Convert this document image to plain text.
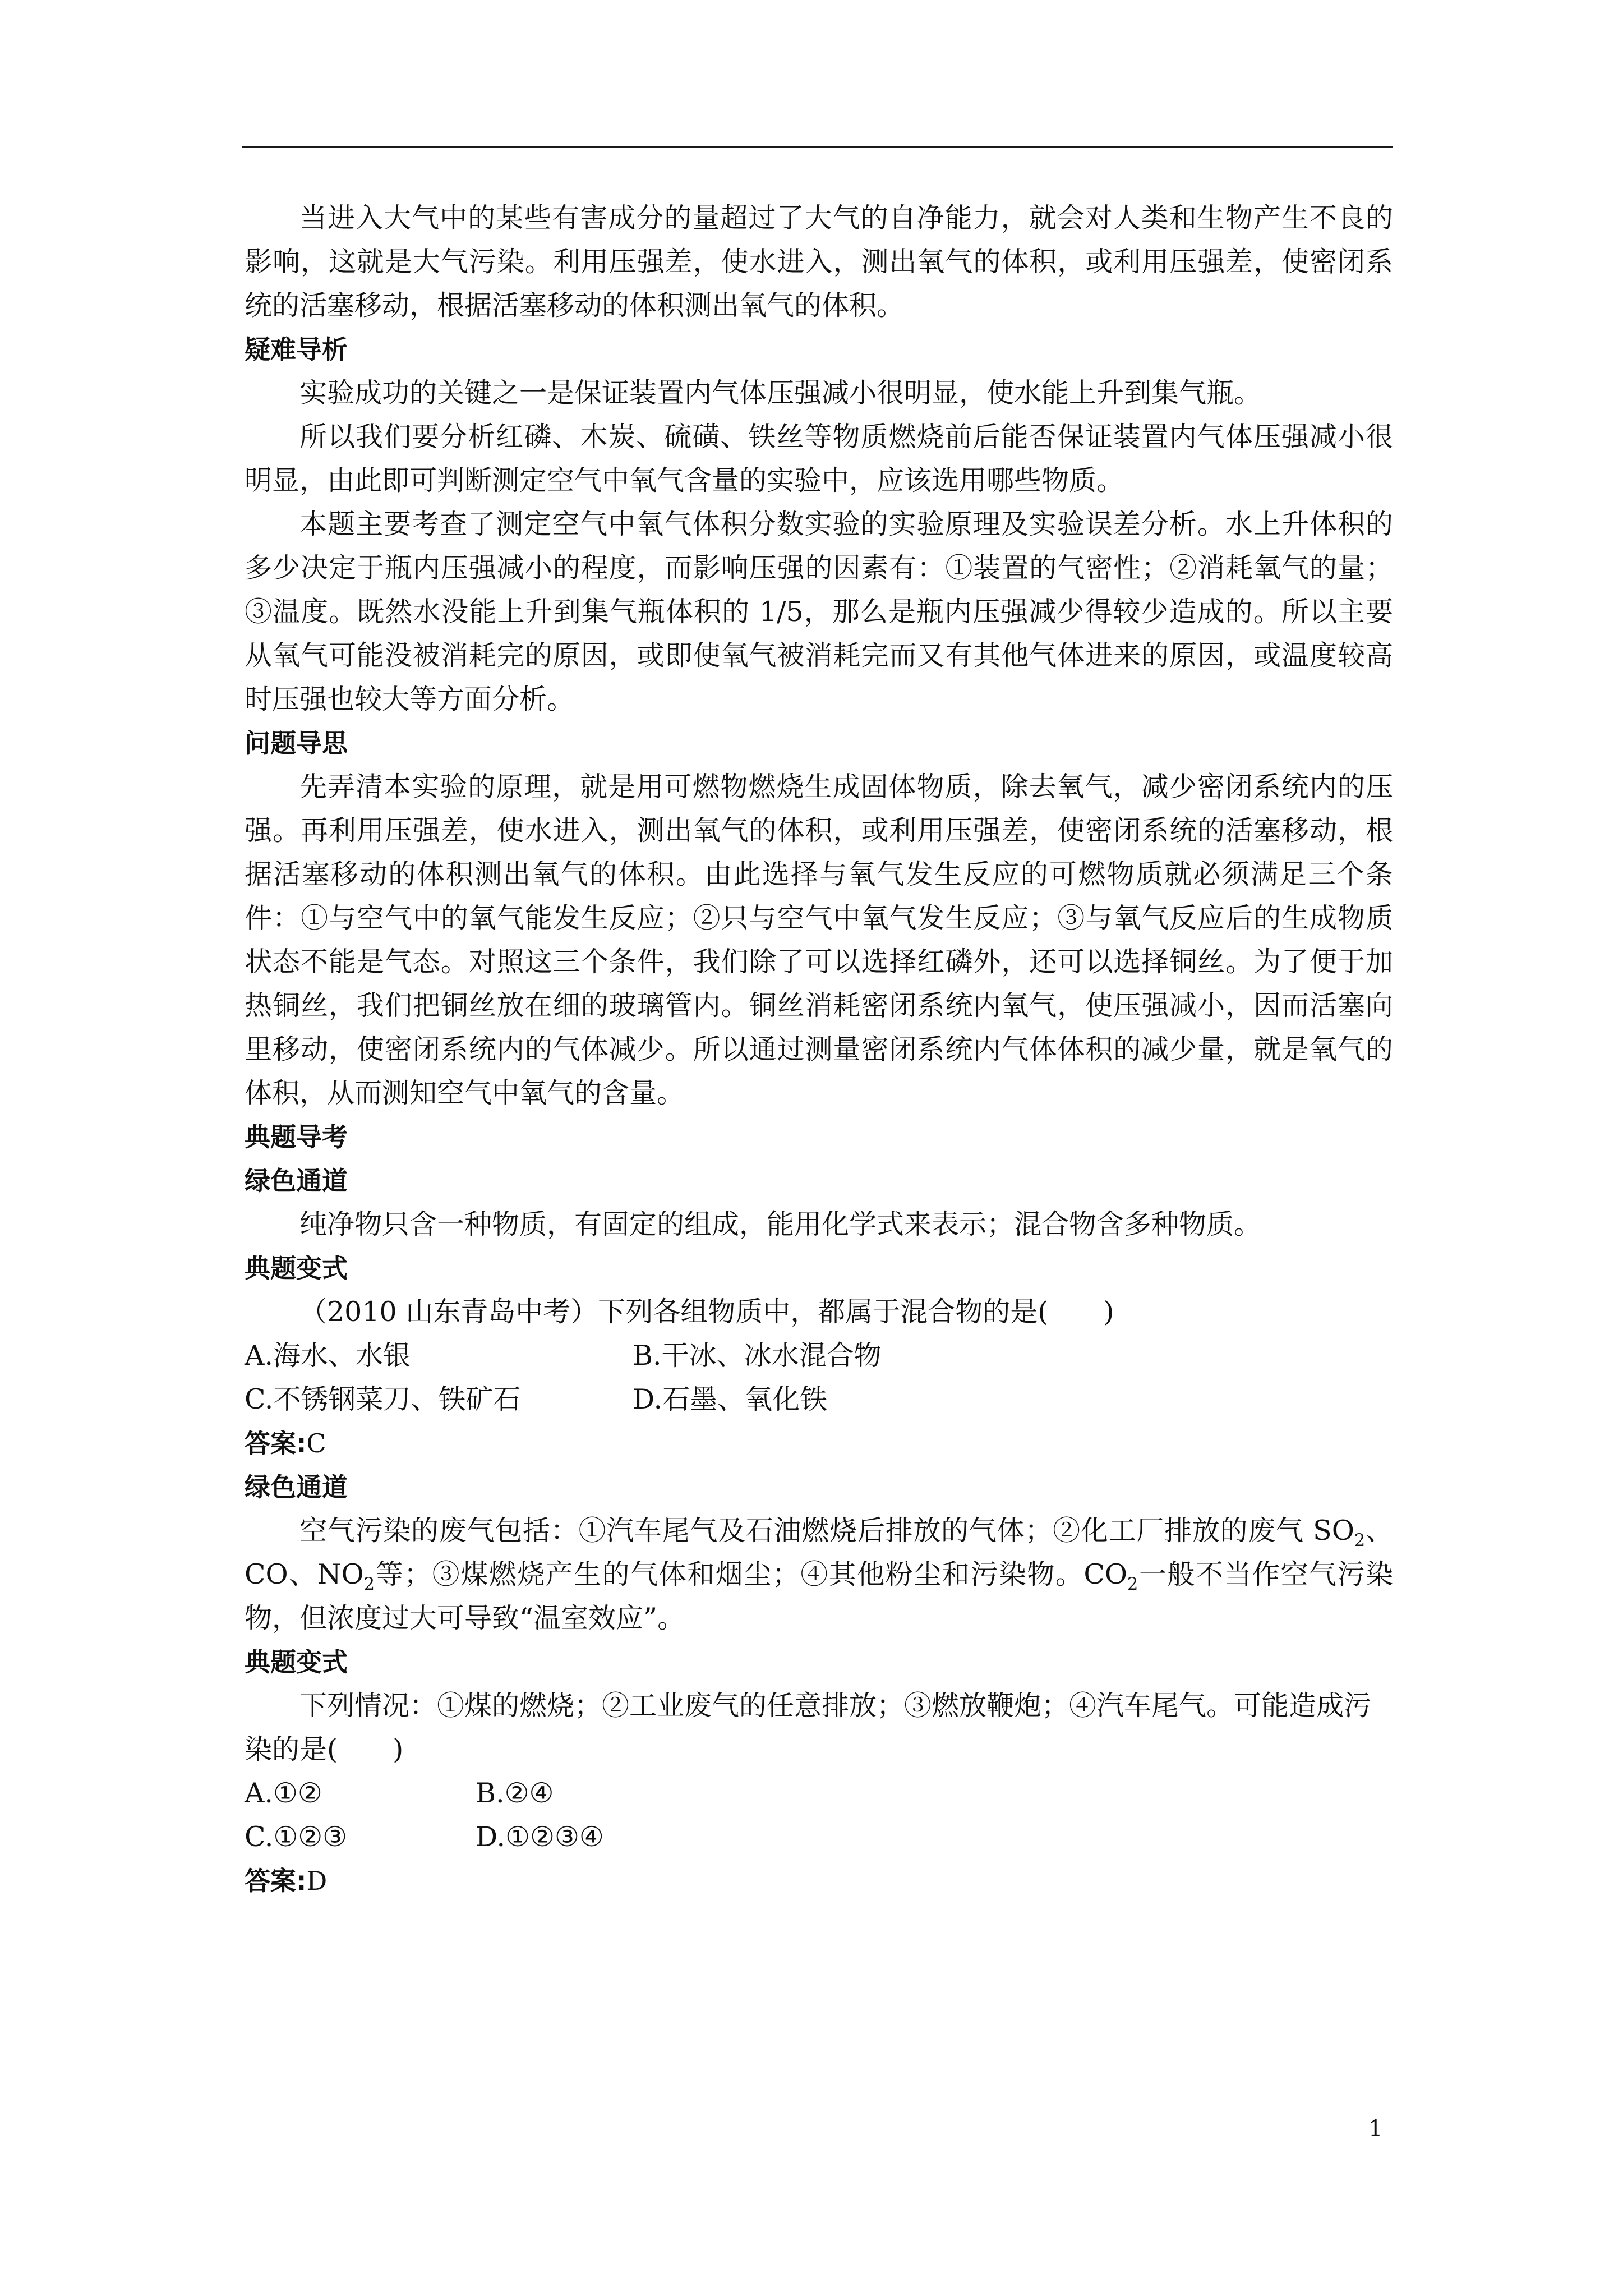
当进入大气中的某些有害成分的量超过了大气的自净能力，就会对人类和生物产生不良的影响，这就是大气污染。利用压强差，使水进入，测出氧气的体积，或利用压强差，使密闭系统的活塞移动，根据活塞移动的体积测出氧气的体积。

疑难导析

实验成功的关键之一是保证装置内气体压强减小很明显，使水能上升到集气瓶。

所以我们要分析红磷、木炭、硫磺、铁丝等物质燃烧前后能否保证装置内气体压强减小很明显，由此即可判断测定空气中氧气含量的实验中，应该选用哪些物质。

本题主要考查了测定空气中氧气体积分数实验的实验原理及实验误差分析。水上升体积的多少决定于瓶内压强减小的程度，而影响压强的因素有：①装置的气密性；②消耗氧气的量；③温度。既然水没能上升到集气瓶体积的 1/5，那么是瓶内压强减少得较少造成的。所以主要从氧气可能没被消耗完的原因，或即使氧气被消耗完而又有其他气体进来的原因，或温度较高时压强也较大等方面分析。

问题导思

先弄清本实验的原理，就是用可燃物燃烧生成固体物质，除去氧气，减少密闭系统内的压强。再利用压强差，使水进入，测出氧气的体积，或利用压强差，使密闭系统的活塞移动，根据活塞移动的体积测出氧气的体积。由此选择与氧气发生反应的可燃物质就必须满足三个条件：①与空气中的氧气能发生反应；②只与空气中氧气发生反应；③与氧气反应后的生成物质状态不能是气态。对照这三个条件，我们除了可以选择红磷外，还可以选择铜丝。为了便于加热铜丝，我们把铜丝放在细的玻璃管内。铜丝消耗密闭系统内氧气，使压强减小，因而活塞向里移动，使密闭系统内的气体减少。所以通过测量密闭系统内气体体积的减少量，就是氧气的体积，从而测知空气中氧气的含量。

典题导考

绿色通道

纯净物只含一种物质，有固定的组成，能用化学式来表示；混合物含多种物质。

典题变式

（2010 山东青岛中考）下列各组物质中，都属于混合物的是(　　)

A.海水、水银	B.干冰、冰水混合物
C.不锈钢菜刀、铁矿石	D.石墨、氧化铁

答案:C

绿色通道

空气污染的废气包括：①汽车尾气及石油燃烧后排放的气体；②化工厂排放的废气 $SO_2$、CO、$NO_2$等；③煤燃烧产生的气体和烟尘；④其他粉尘和污染物。$CO_2$一般不当作空气污染物，但浓度过大可导致“温室效应”。

典题变式

下列情况：①煤的燃烧；②工业废气的任意排放；③燃放鞭炮；④汽车尾气。可能造成污染的是(　　)

A.①②	B.②④
C.①②③	D.①②③④

答案:D

1
